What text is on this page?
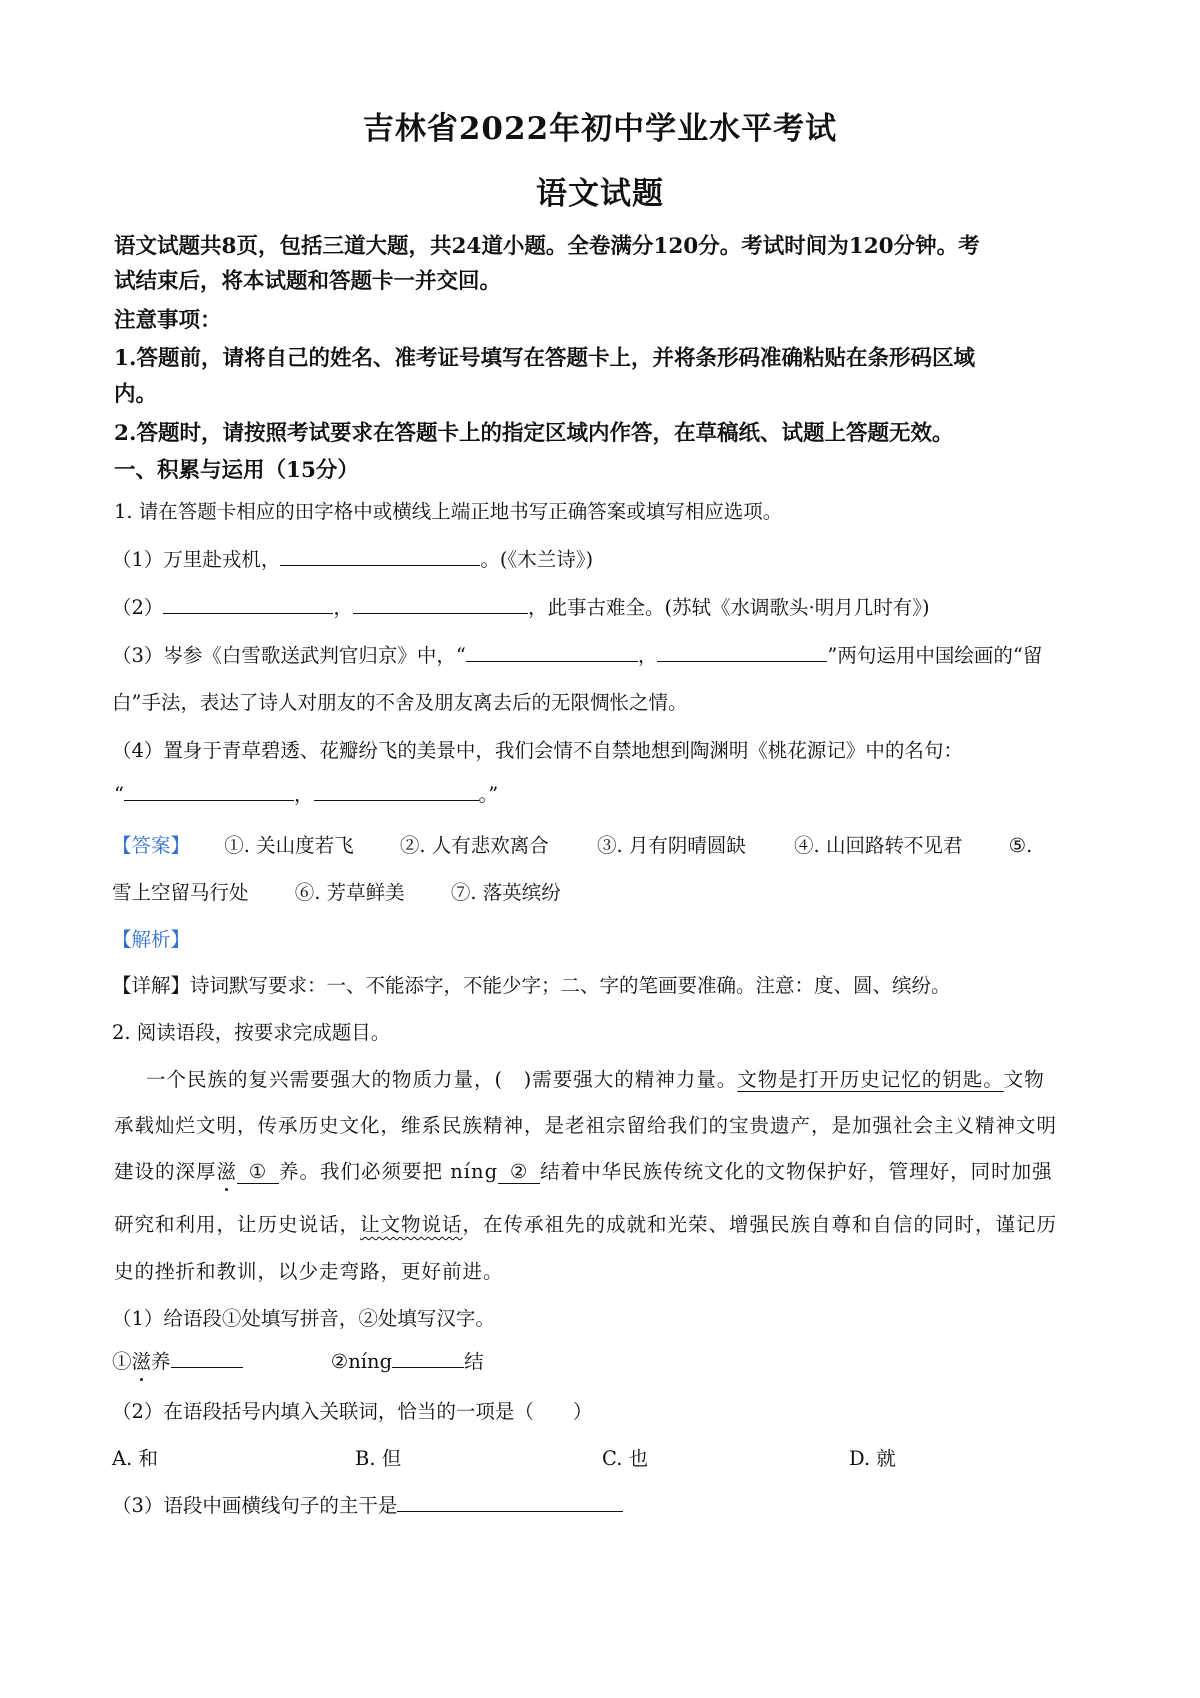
吉林省2022年初中学业水平考试
语文试题
语文试题共8页，包括三道大题，共24道小题。全卷满分120分。考试时间为120分钟。考
试结束后，将本试题和答题卡一并交回。
注意事项：
1.答题前，请将自己的姓名、准考证号填写在答题卡上，并将条形码准确粘贴在条形码区域
内。
2.答题时，请按照考试要求在答题卡上的指定区域内作答，在草稿纸、试题上答题无效。
一、积累与运用（15分）
1. 请在答题卡相应的田字格中或横线上端正地书写正确答案或填写相应选项。
（1）万里赴戎机，	。(《木兰诗》)
（2）	，	，此事古难全。(苏轼《水调歌头·明月几时有》)
（3）岑参《白雪歌送武判官归京》中，“	，	”两句运用中国绘画的“留
白”手法，表达了诗人对朋友的不舍及朋友离去后的无限惆怅之情。
（4）置身于青草碧透、花瓣纷飞的美景中，我们会情不自禁地想到陶渊明《桃花源记》中的名句：
“	，	。”
【答案】 ①. 关山度若飞 ②. 人有悲欢离合 ③. 月有阴晴圆缺 ④. 山回路转不见君 ⑤.
雪上空留马行处 ⑥. 芳草鲜美 ⑦. 落英缤纷
【解析】
【详解】诗词默写要求：一、不能添字，不能少字；二、字的笔画要准确。注意：度、圆、缤纷。
2. 阅读语段，按要求完成题目。
一个民族的复兴需要强大的物质力量，(　)需要强大的精神力量。文物是打开历史记忆的钥匙。文物
承载灿烂文明，传承历史文化，维系民族精神，是老祖宗留给我们的宝贵遗产，是加强社会主义精神文明
建设的深厚滋 ① 养。我们必须要把 níng ② 结着中华民族传统文化的文物保护好，管理好，同时加强
研究和利用，让历史说话，让文物说话，在传承祖先的成就和光荣、增强民族自尊和自信的同时，谨记历
史的挫折和教训，以少走弯路，更好前进。
（1）给语段①处填写拼音，②处填写汉字。
①滋养	②níng	结
（2）在语段括号内填入关联词，恰当的一项是（　　）
A. 和	B. 但	C. 也	D. 就
（3）语段中画横线句子的主干是
